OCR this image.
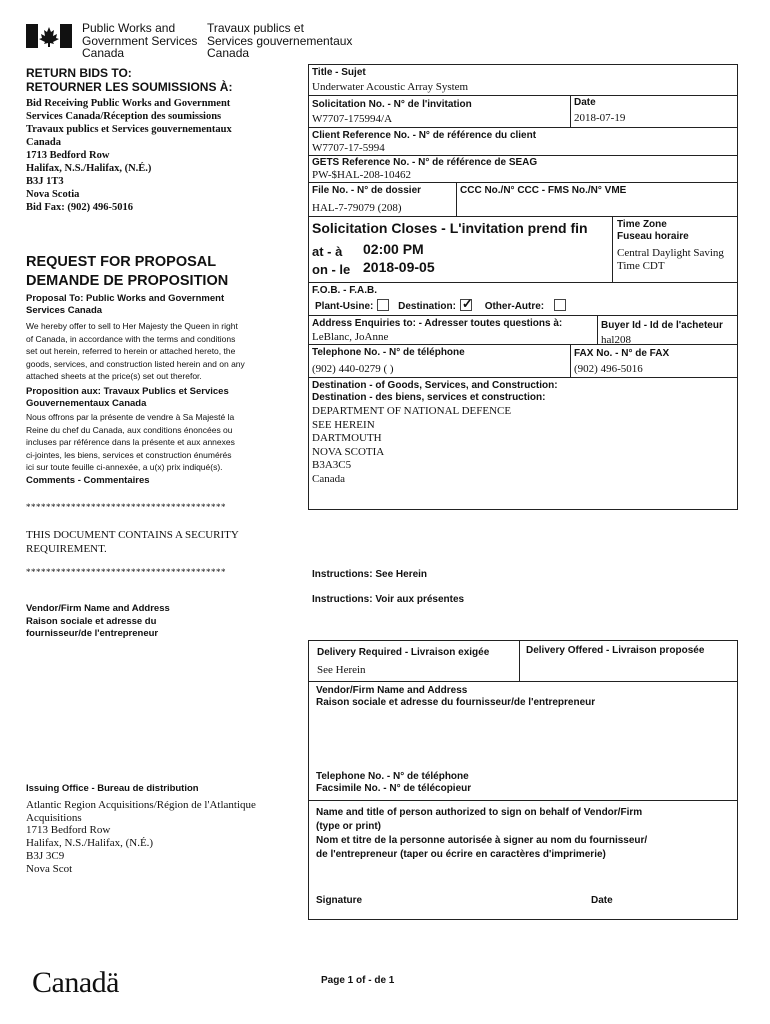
Public Works and
Government Services
Canada
Travaux publics et
Services gouvernementaux
Canada
RETURN BIDS TO:
RETOURNER LES SOUMISSIONS À:
Bid Receiving Public Works and Government
Services Canada/Réception des soumissions
Travaux publics et Services gouvernementaux
Canada
1713 Bedford Row
Halifax, N.S./Halifax, (N.É.)
B3J 1T3
Nova Scotia
Bid Fax: (902) 496-5016
REQUEST FOR PROPOSAL
DEMANDE DE PROPOSITION
Proposal To: Public Works and Government
Services Canada
We hereby offer to sell to Her Majesty the Queen in right
of Canada, in accordance with the terms and conditions
set out herein, referred to herein or attached hereto, the
goods, services, and construction listed herein and on any
attached sheets at the price(s) set out therefor.
Proposition aux: Travaux Publics et Services
Gouvernementaux Canada
Nous offrons par la présente de vendre à Sa Majesté la
Reine du chef du Canada, aux conditions énoncées ou
incluses par référence dans la présente et aux annexes
ci-jointes, les biens, services et construction énumérés
ici sur toute feuille ci-annexée, a u(x) prix indiqué(s).
Comments - Commentaires
****************************************
THIS DOCUMENT CONTAINS A SECURITY
REQUIREMENT.
****************************************
Vendor/Firm Name and Address
Raison sociale et adresse du
fournisseur/de l'entrepreneur
Issuing Office - Bureau de distribution
Atlantic Region Acquisitions/Région de l'Atlantique
Acquisitions
1713 Bedford Row
Halifax, N.S./Halifax, (N.É.)
B3J 3C9
Nova Scot
Canadä
Title - Sujet
Underwater Acoustic Array System
Solicitation No. - N° de l'invitation
W7707-175994/A
Date
2018-07-19
Client Reference No. - N° de référence du client
W7707-17-5994
GETS Reference No. - N° de référence de SEAG
PW-$HAL-208-10462
File No. - N° de dossier
HAL-7-79079 (208)
CCC No./N° CCC - FMS No./N° VME
Solicitation Closes - L'invitation prend fin
at - à 02:00 PM
on - le 2018-09-05
Time Zone
Fuseau horaire
Central Daylight Saving
Time CDT
F.O.B. - F.A.B.
Plant-Usine: Destination: ✓ Other-Autre:
Address Enquiries to: - Adresser toutes questions à:
LeBlanc, JoAnne
Buyer Id - Id de l'acheteur
hal208
Telephone No. - N° de téléphone
(902) 440-0279 ( )
FAX No. - N° de FAX
(902) 496-5016
Destination - of Goods, Services, and Construction:
Destination - des biens, services et construction:
DEPARTMENT OF NATIONAL DEFENCE
SEE HEREIN
DARTMOUTH
NOVA SCOTIA
B3A3C5
Canada
Instructions: See Herein
Instructions: Voir aux présentes
Delivery Required - Livraison exigée
See Herein
Delivery Offered - Livraison proposée
Vendor/Firm Name and Address
Raison sociale et adresse du fournisseur/de l'entrepreneur
Telephone No. - N° de téléphone
Facsimile No. - N° de télécopieur
Name and title of person authorized to sign on behalf of Vendor/Firm
(type or print)
Nom et titre de la personne autorisée à signer au nom du fournisseur/
de l'entrepreneur (taper ou écrire en caractères d'imprimerie)
Signature	Date
Page 1 of - de 1
